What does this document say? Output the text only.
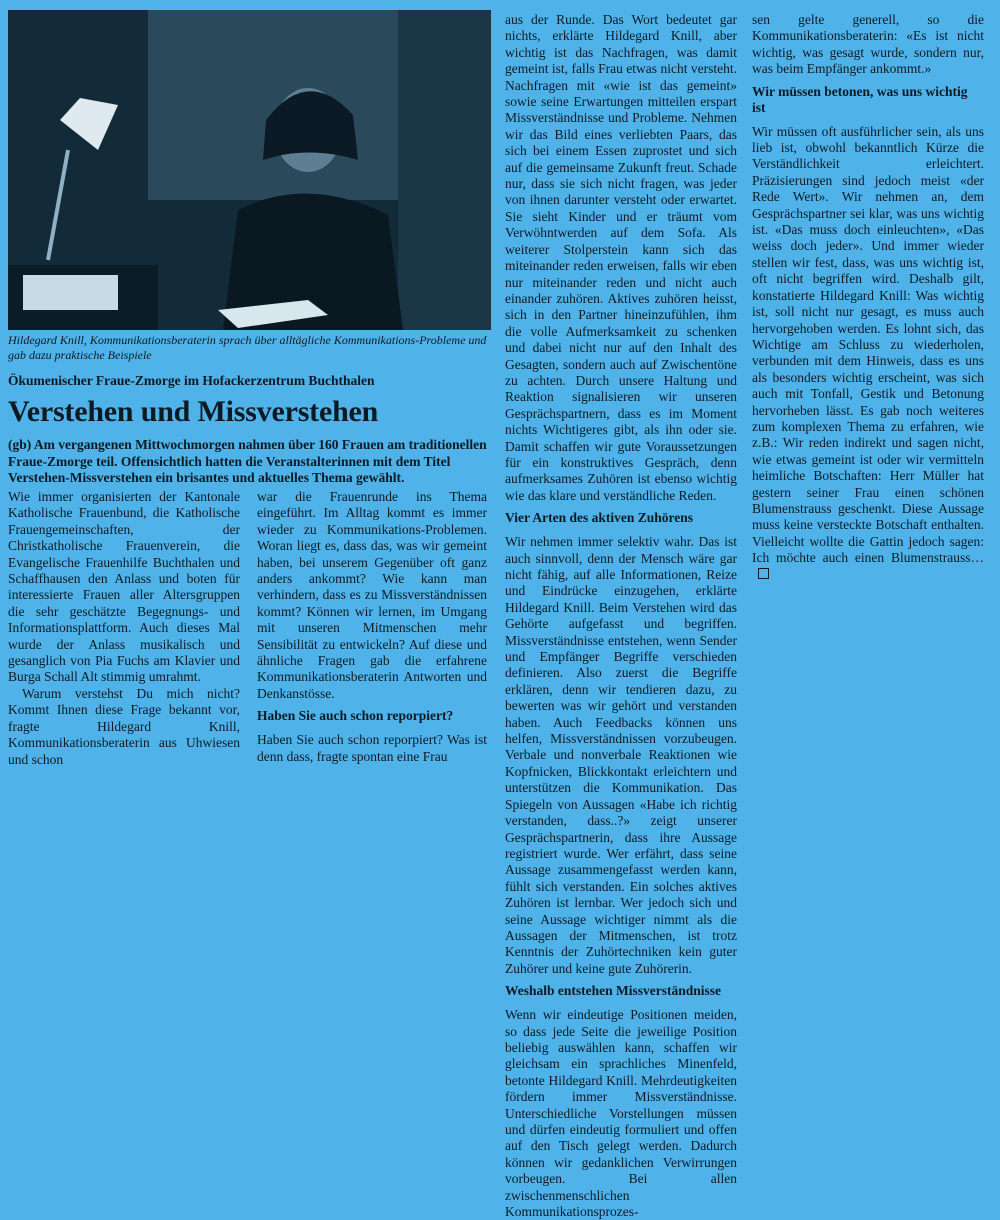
Hildegard Knill, Kommunikationsberaterin sprach über alltägliche Kommunikations-Probleme und gab dazu praktische Beispiele
Ökumenischer Fraue-Zmorge im Hofackerzentrum Buchthalen
Verstehen und Missverstehen
(gb) Am vergangenen Mittwochmorgen nahmen über 160 Frauen am traditionellen Fraue-Zmorge teil. Offensichtlich hatten die Veranstalterinnen mit dem Titel Verstehen-Missverstehen ein brisantes und aktuelles Thema gewählt.

Wie immer organisierten der Kantonale Katholische Frauenbund, die Katholische Frauengemeinschaften, der Christkatholische Frauenverein, die Evangelische Frauenhilfe Buchthalen und Schaffhausen den Anlass und boten für interessierte Frauen aller Altersgruppen die sehr geschätzte Begegnungs- und Informationsplattform. Auch dieses Mal wurde der Anlass musikalisch und gesanglich von Pia Fuchs am Klavier und Burga Schall Alt stimmig umrahmt.

Warum verstehst Du mich nicht? Kommt Ihnen diese Frage bekannt vor, fragte Hildegard Knill, Kommunikationsberaterin aus Uhwiesen und schon

war die Frauenrunde ins Thema eingeführt. Im Alltag kommt es immer wieder zu Kommunikations-Problemen. Woran liegt es, dass das, was wir gemeint haben, bei unserem Gegenüber oft ganz anders ankommt? Wie kann man verhindern, dass es zu Missverständnissen kommt? Können wir lernen, im Umgang mit unseren Mitmenschen mehr Sensibilität zu entwickeln? Auf diese und ähnliche Fragen gab die erfahrene Kommunikationsberaterin Antworten und Denkanstösse.

Haben Sie auch schon reporpiert?

Haben Sie auch schon reporpiert? Was ist denn dass, fragte spontan eine Frau

aus der Runde. Das Wort bedeutet gar nichts, erklärte Hildegard Knill, aber wichtig ist das Nachfragen, was damit gemeint ist, falls Frau etwas nicht versteht. Nachfragen mit «wie ist das gemeint» sowie seine Erwartungen mitteilen erspart Missverständnisse und Probleme. Nehmen wir das Bild eines verliebten Paars, das sich bei einem Essen zuprostet und sich auf die gemeinsame Zukunft freut. Schade nur, dass sie sich nicht fragen, was jeder von ihnen darunter versteht oder erwartet. Sie sieht Kinder und er träumt vom Verwöhntwerden auf dem Sofa. Als weiterer Stolperstein kann sich das miteinander reden erweisen, falls wir eben nur miteinander reden und nicht auch einander zuhören. Aktives zuhören heisst, sich in den Partner hineinzufühlen, ihm die volle Aufmerksamkeit zu schenken und dabei nicht nur auf den Inhalt des Gesagten, sondern auch auf Zwischentöne zu achten. Durch unsere Haltung und Reaktion signalisieren wir unseren Gesprächspartnern, dass es im Moment nichts Wichtigeres gibt, als ihn oder sie. Damit schaffen wir gute Voraussetzungen für ein konstruktives Gespräch, denn aufmerksames Zuhören ist ebenso wichtig wie das klare und verständliche Reden.

Vier Arten des aktiven Zuhörens

Wir nehmen immer selektiv wahr. Das ist auch sinnvoll, denn der Mensch wäre gar nicht fähig, auf alle Informationen, Reize und Eindrücke einzugehen, erklärte Hildegard Knill. Beim Verstehen wird das Gehörte aufgefasst und begriffen. Missverständnisse entstehen, wenn Sender und Empfänger Begriffe verschieden definieren. Also zuerst die Begriffe erklären, denn wir tendieren dazu, zu bewerten was wir gehört und verstanden haben. Auch Feedbacks können uns helfen, Missverständnissen vorzubeugen. Verbale und nonverbale Reaktionen wie Kopfnicken, Blickkontakt erleichtern und unterstützen die Kommunikation. Das Spiegeln von Aussagen «Habe ich richtig verstanden, dass..?» zeigt unserer Gesprächspartnerin, dass ihre Aussage registriert wurde. Wer erfährt, dass seine Aussage zusammengefasst werden kann, fühlt sich verstanden. Ein solches aktives Zuhören ist lernbar. Wer jedoch sich und seine Aussage wichtiger nimmt als die Aussagen der Mitmenschen, ist trotz Kenntnis der Zuhörtechniken kein guter Zuhörer und keine gute Zuhörerin.

Weshalb entstehen Missverständnisse

Wenn wir eindeutige Positionen meiden, so dass jede Seite die jeweilige Position beliebig auswählen kann, schaffen wir gleichsam ein sprachliches Minenfeld, betonte Hildegard Knill. Mehrdeutigkeiten fördern immer Missverständnisse. Unterschiedliche Vorstellungen müssen und dürfen eindeutig formuliert und offen auf den Tisch gelegt werden. Dadurch können wir gedanklichen Verwirrungen vorbeugen. Bei allen zwischenmenschlichen Kommunikationsprozes-

sen gelte generell, so die Kommunikationsberaterin: «Es ist nicht wichtig, was gesagt wurde, sondern nur, was beim Empfänger ankommt.»

Wir müssen betonen, was uns wichtig ist

Wir müssen oft ausführlicher sein, als uns lieb ist, obwohl bekanntlich Kürze die Verständlichkeit erleichtert. Präzisierungen sind jedoch meist «der Rede Wert». Wir nehmen an, dem Gesprächspartner sei klar, was uns wichtig ist. «Das muss doch einleuchten», «Das weiss doch jeder». Und immer wieder stellen wir fest, dass, was uns wichtig ist, oft nicht begriffen wird. Deshalb gilt, konstatierte Hildegard Knill: Was wichtig ist, soll nicht nur gesagt, es muss auch hervorgehoben werden. Es lohnt sich, das Wichtige am Schluss zu wiederholen, verbunden mit dem Hinweis, dass es uns als besonders wichtig erscheint, was sich auch mit Tonfall, Gestik und Betonung hervorheben lässt. Es gab noch weiteres zum komplexen Thema zu erfahren, wie z.B.: Wir reden indirekt und sagen nicht, wie etwas gemeint ist oder wir vermitteln heimliche Botschaften: Herr Müller hat gestern seiner Frau einen schönen Blumenstrauss geschenkt. Diese Aussage muss keine versteckte Botschaft enthalten. Vielleicht wollte die Gattin jedoch sagen: Ich möchte auch einen Blumenstrauss…
